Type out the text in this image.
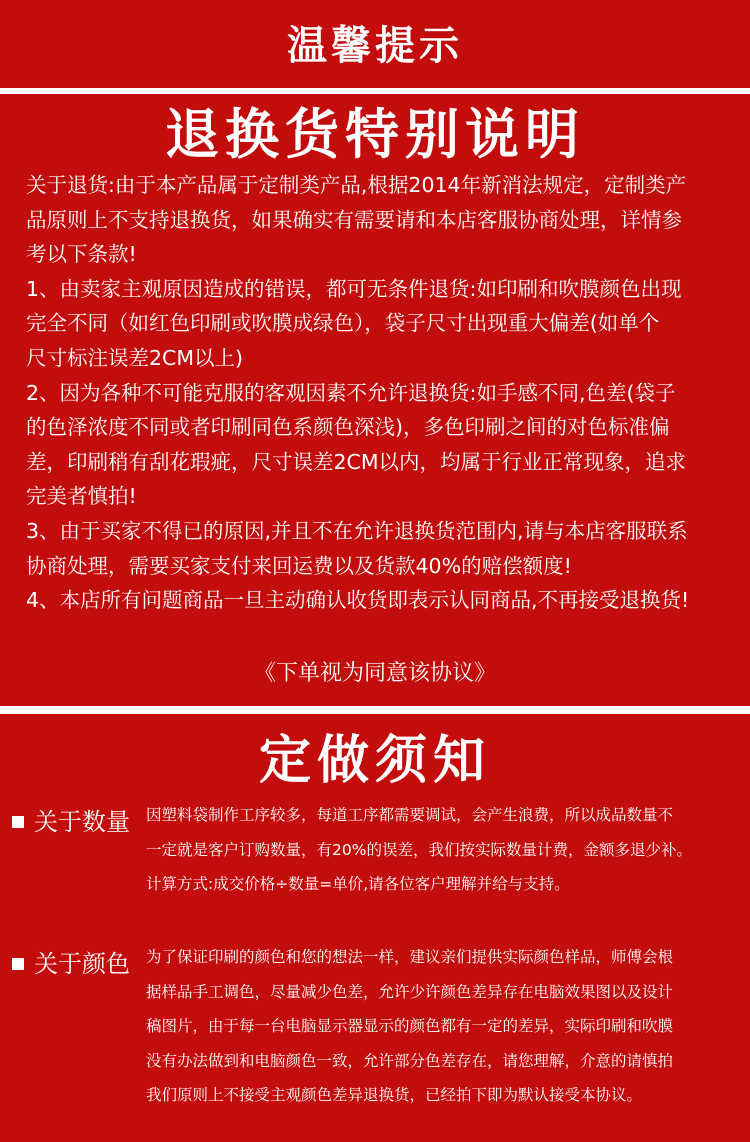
温馨提示
退换货特别说明

关于退货:由于本产品属于定制类产品,根据2014年新消法规定，定制类产

品原则上不支持退换货，如果确实有需要请和本店客服协商处理，详情参

考以下条款!

1、由卖家主观原因造成的错误，都可无条件退货:如印刷和吹膜颜色出现

完全不同（如红色印刷或吹膜成绿色），袋子尺寸出现重大偏差(如单个

尺寸标注误差2CM以上)

2、因为各种不可能克服的客观因素不允许退换货:如手感不同,色差(袋子

的色泽浓度不同或者印刷同色系颜色深浅)，多色印刷之间的对色标准偏

差，印刷稍有刮花瑕疵，尺寸误差2CM以内，均属于行业正常现象，追求

完美者慎拍!

3、由于买家不得已的原因,并且不在允许退换货范围内,请与本店客服联系

协商处理，需要买家支付来回运费以及货款40%的赔偿额度!

4、本店所有问题商品一旦主动确认收货即表示认同商品,不再接受退换货!

《下单视为同意该协议》
定做须知
关于数量 因塑料袋制作工序较多，每道工序都需要调试，会产生浪费，所以成品数量不

一定就是客户订购数量，有20%的误差，我们按实际数量计费，金额多退少补。

计算方式:成交价格÷数量=单价,请各位客户理解并给与支持。

关于颜色 为了保证印刷的颜色和您的想法一样，建议亲们提供实际颜色样品，师傅会根

据样品手工调色，尽量减少色差，允许少许颜色差异存在电脑效果图以及设计

稿图片，由于每一台电脑显示器显示的颜色都有一定的差异，实际印刷和吹膜

没有办法做到和电脑颜色一致，允许部分色差存在，请您理解，介意的请慎拍

我们原则上不接受主观颜色差异退换货，已经拍下即为默认接受本协议。
